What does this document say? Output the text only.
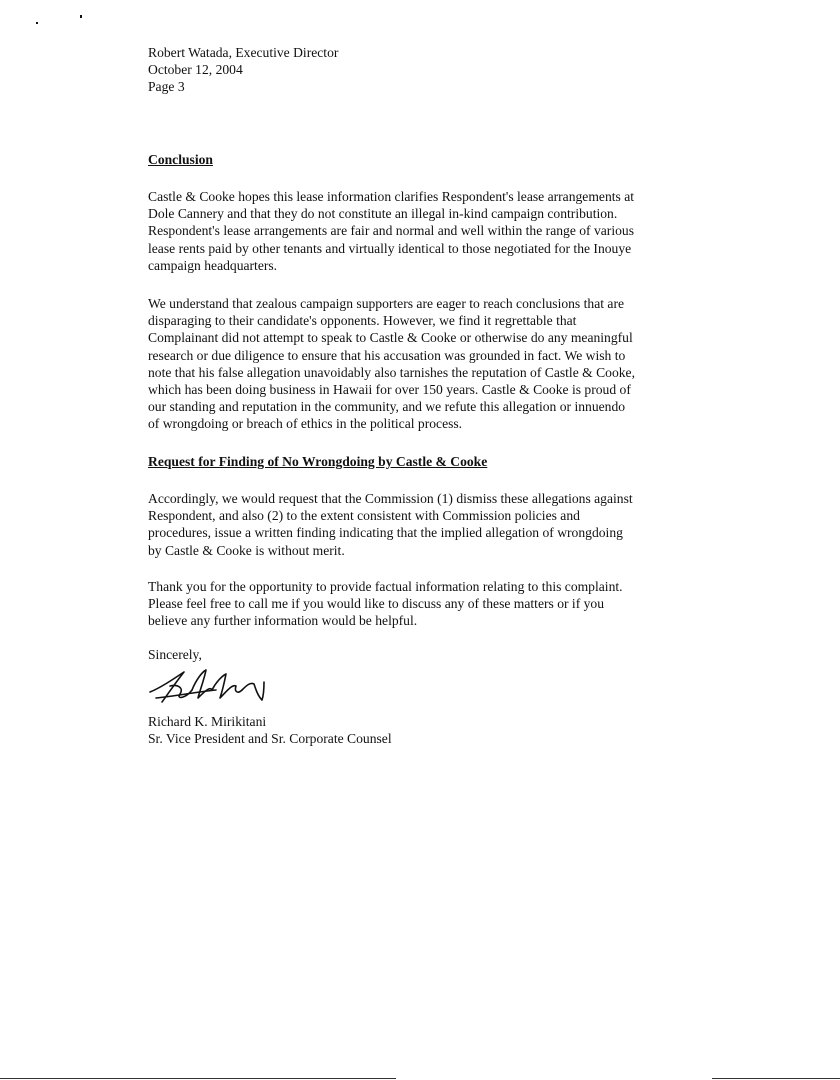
Robert Watada, Executive Director
October 12, 2004
Page 3
Conclusion
Castle & Cooke hopes this lease information clarifies Respondent's lease arrangements at
Dole Cannery and that they do not constitute an illegal in-kind campaign contribution.
Respondent's lease arrangements are fair and normal and well within the range of various
lease rents paid by other tenants and virtually identical to those negotiated for the Inouye
campaign headquarters.
We understand that zealous campaign supporters are eager to reach conclusions that are
disparaging to their candidate's opponents. However, we find it regrettable that
Complainant did not attempt to speak to Castle & Cooke or otherwise do any meaningful
research or due diligence to ensure that his accusation was grounded in fact. We wish to
note that his false allegation unavoidably also tarnishes the reputation of Castle & Cooke,
which has been doing business in Hawaii for over 150 years. Castle & Cooke is proud of
our standing and reputation in the community, and we refute this allegation or innuendo
of wrongdoing or breach of ethics in the political process.
Request for Finding of No Wrongdoing by Castle & Cooke
Accordingly, we would request that the Commission (1) dismiss these allegations against
Respondent, and also (2) to the extent consistent with Commission policies and
procedures, issue a written finding indicating that the implied allegation of wrongdoing
by Castle & Cooke is without merit.
Thank you for the opportunity to provide factual information relating to this complaint.
Please feel free to call me if you would like to discuss any of these matters or if you
believe any further information would be helpful.
Sincerely,
Richard K. Mirikitani
Sr. Vice President and Sr. Corporate Counsel
